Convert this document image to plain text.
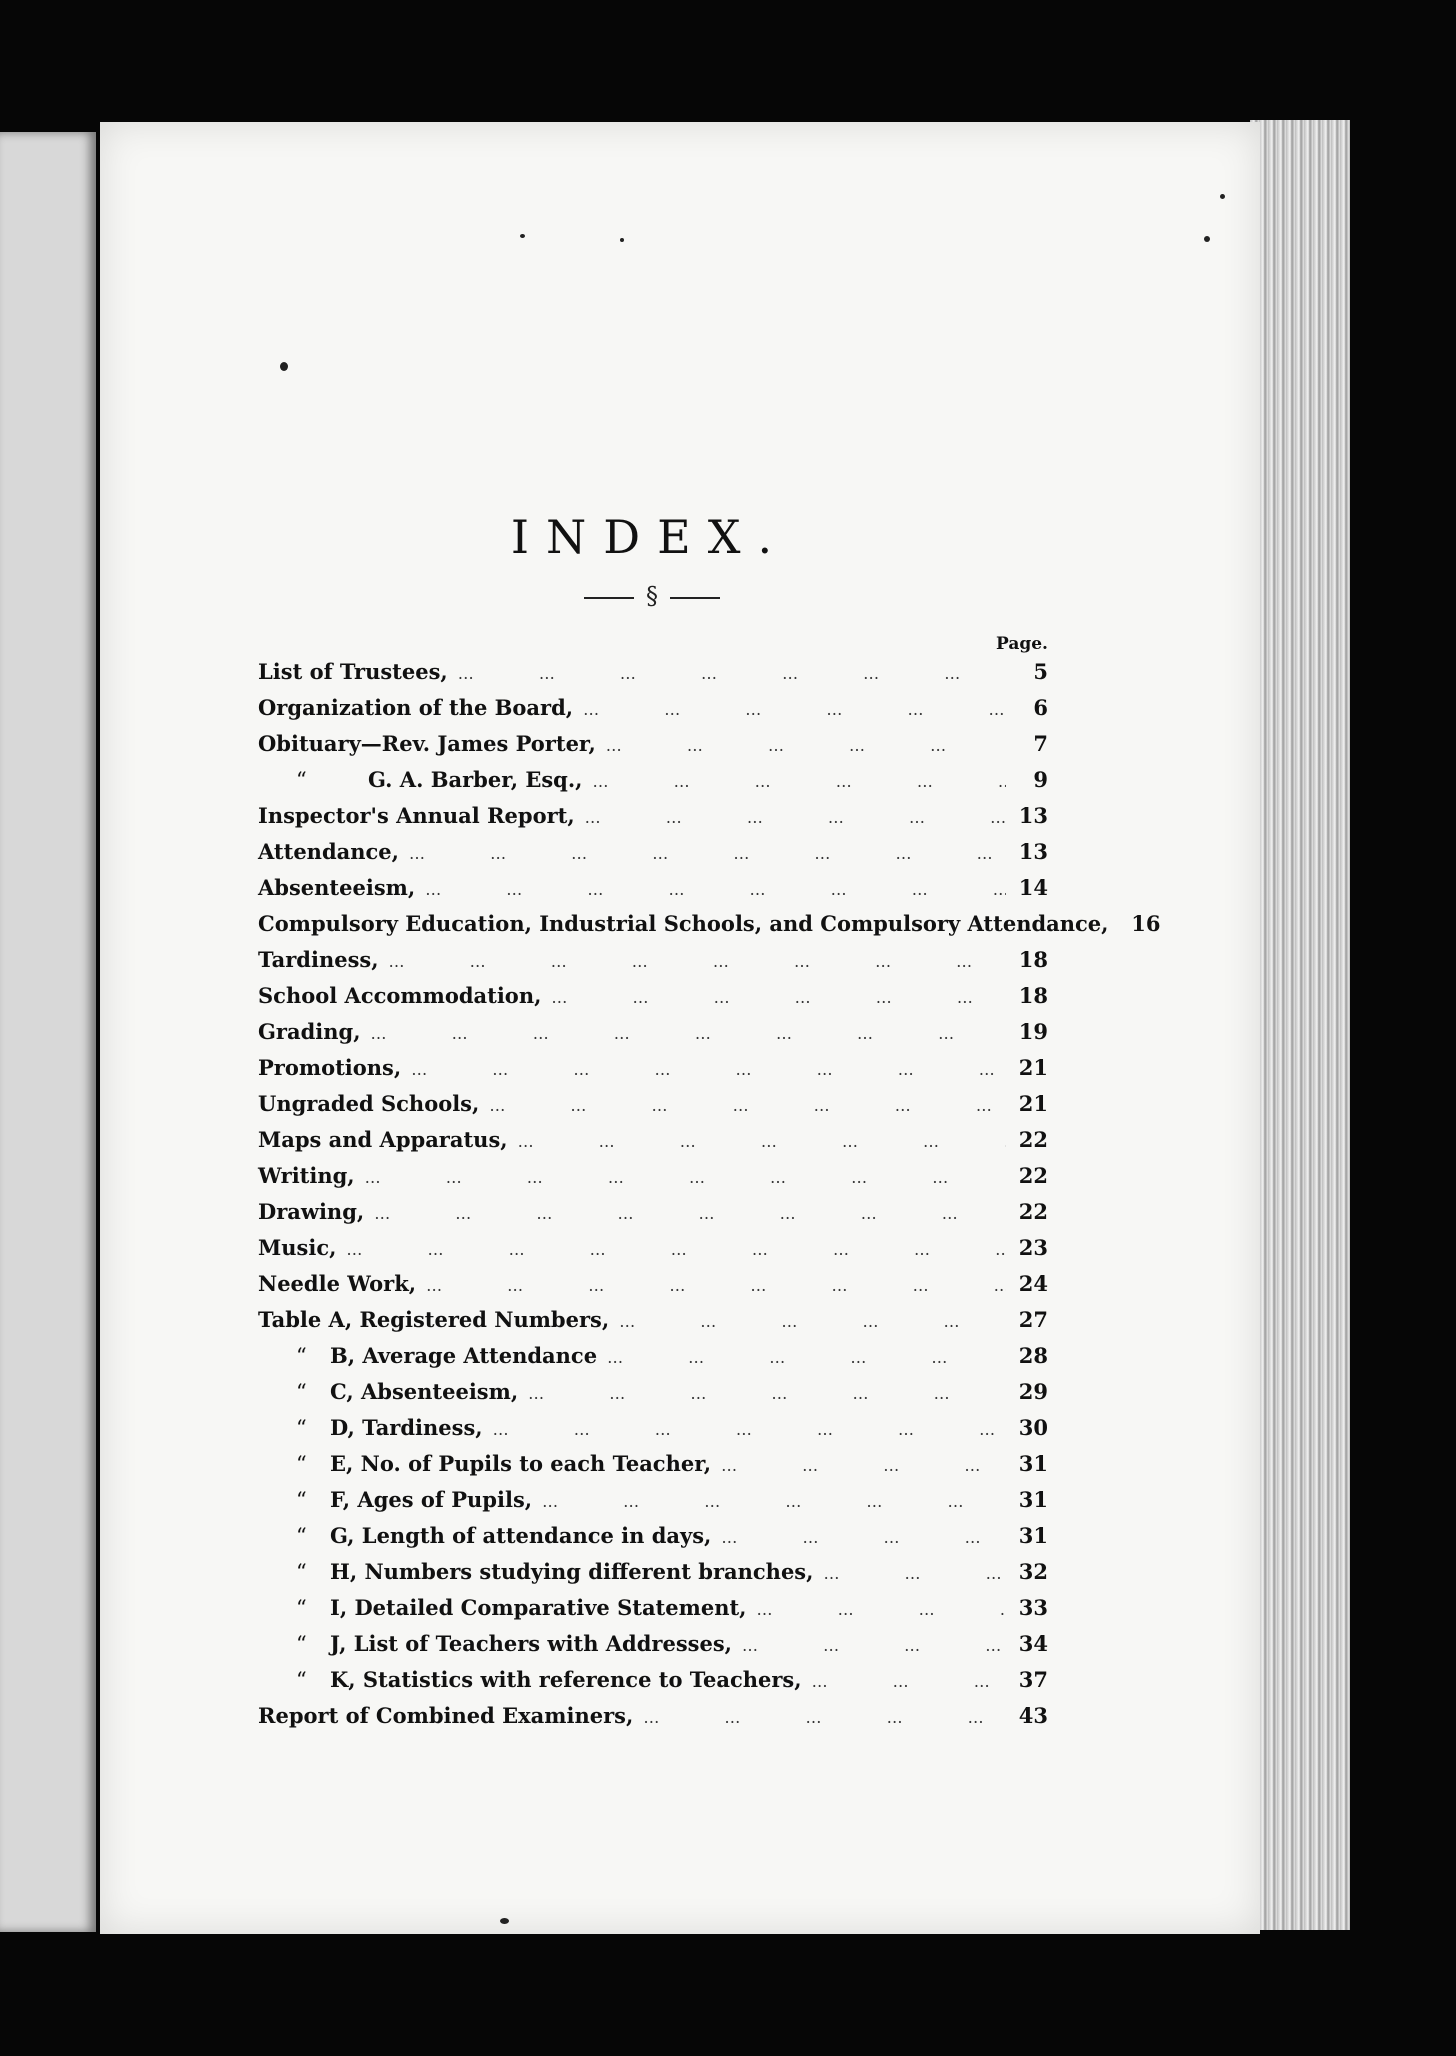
INDEX.
§
Page.
List of Trustees, … … … … … … … … … … … … … … … … … … … … … … … … …	5
Organization of the Board, … … … … … … … … … … … … … … … … … … … … … … … … …	6
Obituary—Rev. James Porter, … … … … … … … … … … … … … … … … … … … … … … … … …	7
“	G. A. Barber, Esq., … … … … … … … … … … … … … … … … … … … … … … … … …	9
Inspector's Annual Report, … … … … … … … … … … … … … … … … … … … … … … … … …	13
Attendance, … … … … … … … … … … … … … … … … … … … … … … … … …	13
Absenteeism, … … … … … … … … … … … … … … … … … … … … … … … … …	14
Compulsory Education, Industrial Schools, and Compulsory Attendance, 16
Tardiness, … … … … … … … … … … … … … … … … … … … … … … … … …	18
School Accommodation, … … … … … … … … … … … … … … … … … … … … … … … … …	18
Grading, … … … … … … … … … … … … … … … … … … … … … … … … …	19
Promotions, … … … … … … … … … … … … … … … … … … … … … … … … …	21
Ungraded Schools, … … … … … … … … … … … … … … … … … … … … … … … … …	21
Maps and Apparatus, … … … … … … … … … … … … … … … … … … … … … … … … …	22
Writing, … … … … … … … … … … … … … … … … … … … … … … … … …	22
Drawing, … … … … … … … … … … … … … … … … … … … … … … … … …	22
Music, … … … … … … … … … … … … … … … … … … … … … … … … …	23
Needle Work, … … … … … … … … … … … … … … … … … … … … … … … … …	24
Table A, Registered Numbers, … … … … … … … … … … … … … … … … … … … … … … … … …	27
“ B, Average Attendance … … … … … … … … … … … … … … … … … … … … … … … … …	28
“ C, Absenteeism, … … … … … … … … … … … … … … … … … … … … … … … … …	29
“ D, Tardiness, … … … … … … … … … … … … … … … … … … … … … … … … …	30
“ E, No. of Pupils to each Teacher, … … … … … … … … … … … … … … … … … … … … … … … … …	31
“ F, Ages of Pupils, … … … … … … … … … … … … … … … … … … … … … … … … …	31
“ G, Length of attendance in days, … … … … … … … … … … … … … … … … … … … … … … … … …	31
“ H, Numbers studying different branches, … … … … … … … … … … … … … … … … … … … … … … … … …	32
“ I, Detailed Comparative Statement, … … … … … … … … … … … … … … … … … … … … … … … … …	33
“ J, List of Teachers with Addresses, … … … … … … … … … … … … … … … … … … … … … … … … …	34
“ K, Statistics with reference to Teachers, … … … … … … … … … … … … … … … … … … … … … … … … …	37
Report of Combined Examiners, … … … … … … … … … … … … … … … … … … … … … … … … …	43
